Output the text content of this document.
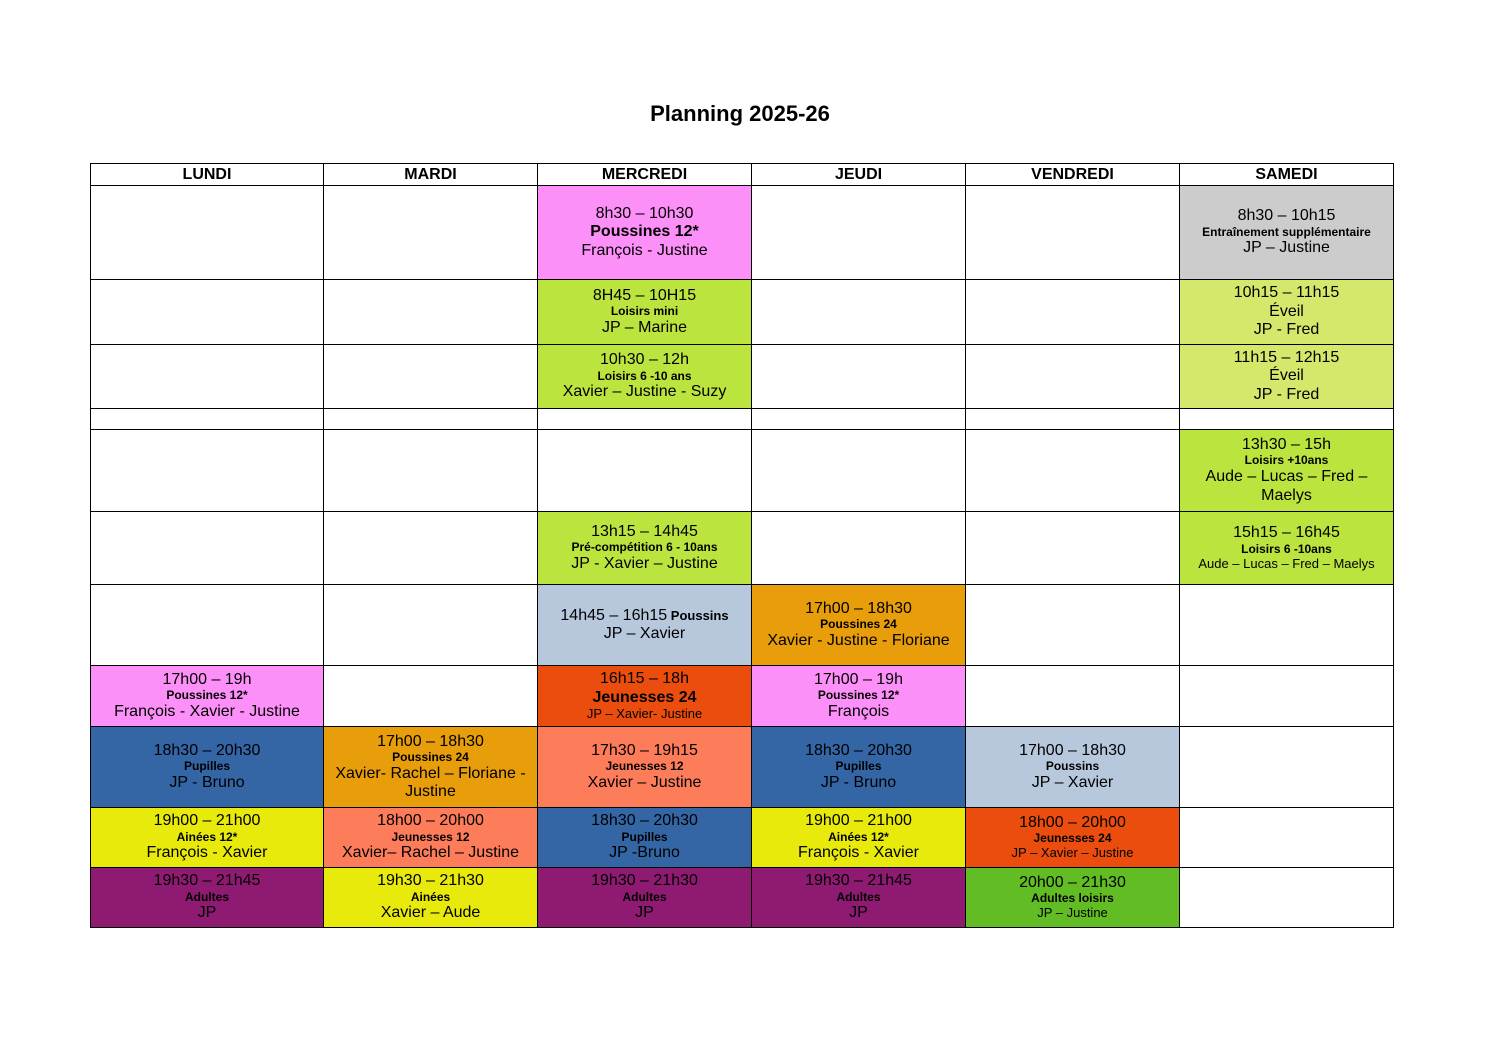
Planning 2025-26
LUNDI	MARDI	MERCREDI	JEUDI	VENDREDI	SAMEDI

		8h30 – 10h30
Poussines 12*
François - Justine			8h30 – 10h15
Entraînement supplémentaire
JP – Justine

		8H45 – 10H15
Loisirs mini
JP – Marine			10h15 – 11h15
Éveil
JP - Fred

		10h30 – 12h
Loisirs 6 -10 ans
Xavier – Justine - Suzy			11h15 – 12h15
Éveil
JP - Fred

					13h30 – 15h
Loisirs +10ans
Aude – Lucas – Fred – Maelys

		13h15 – 14h45
Pré-compétition 6 - 10ans
JP - Xavier – Justine			15h15 – 16h45
Loisirs 6 -10ans
Aude – Lucas – Fred – Maelys

		14h45 – 16h15 Poussins
JP – Xavier	17h00 – 18h30
Poussines 24
Xavier - Justine - Floriane		

17h00 – 19h
Poussines 12*
François - Xavier - Justine		16h15 – 18h
Jeunesses 24
JP – Xavier- Justine	17h00 – 19h
Poussines 12*
François		

18h30 – 20h30
Pupilles
JP - Bruno	17h00 – 18h30
Poussines 24
Xavier- Rachel – Floriane - Justine	17h30 – 19h15
Jeunesses 12
Xavier – Justine	18h30 – 20h30
Pupilles
JP - Bruno	17h00 – 18h30
Poussins
JP – Xavier	

19h00 – 21h00
Ainées 12*
François - Xavier	18h00 – 20h00
Jeunesses 12
Xavier– Rachel – Justine	18h30 – 20h30
Pupilles
JP -Bruno	19h00 – 21h00
Ainées 12*
François - Xavier	18h00 – 20h00
Jeunesses 24
JP – Xavier – Justine	

19h30 – 21h45
Adultes
JP	19h30 – 21h30
Ainées
Xavier – Aude	19h30 – 21h30
Adultes
JP	19h30 – 21h45
Adultes
JP	20h00 – 21h30
Adultes loisirs
JP – Justine	
